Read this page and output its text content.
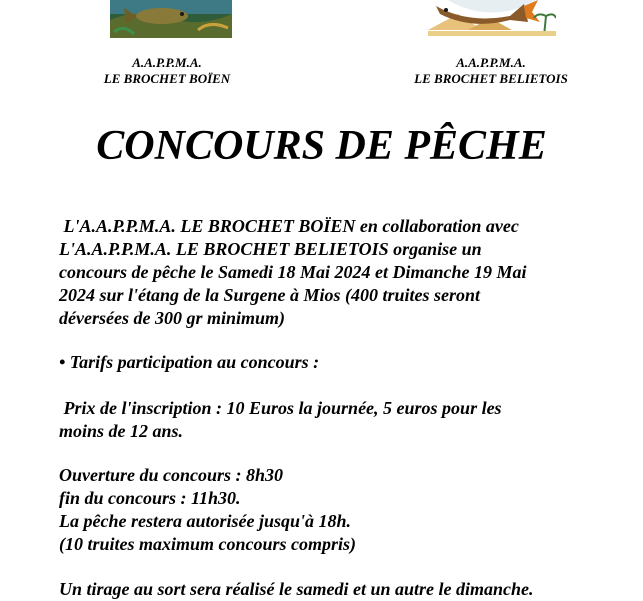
A.A.P.P.M.A.
LE BROCHET BOÏEN
A.A.P.P.M.A.
LE BROCHET BELIETOIS
CONCOURS DE PÊCHE

L'A.A.P.P.M.A. LE BROCHET BOÏEN en collaboration avec
L'A.A.P.P.M.A. LE BROCHET BELIETOIS organise un
concours de pêche le Samedi 18 Mai 2024 et Dimanche 19 Mai
2024 sur l'étang de la Surgene à Mios (400 truites seront
déversées de 300 gr minimum)

• Tarifs participation au concours :

Prix de l'inscription : 10 Euros la journée, 5 euros pour les
moins de 12 ans.

Ouverture du concours : 8h30
fin du concours : 11h30.
La pêche restera autorisée jusqu'à 18h.
(10 truites maximum concours compris)

Un tirage au sort sera réalisé le samedi et un autre le dimanche.
